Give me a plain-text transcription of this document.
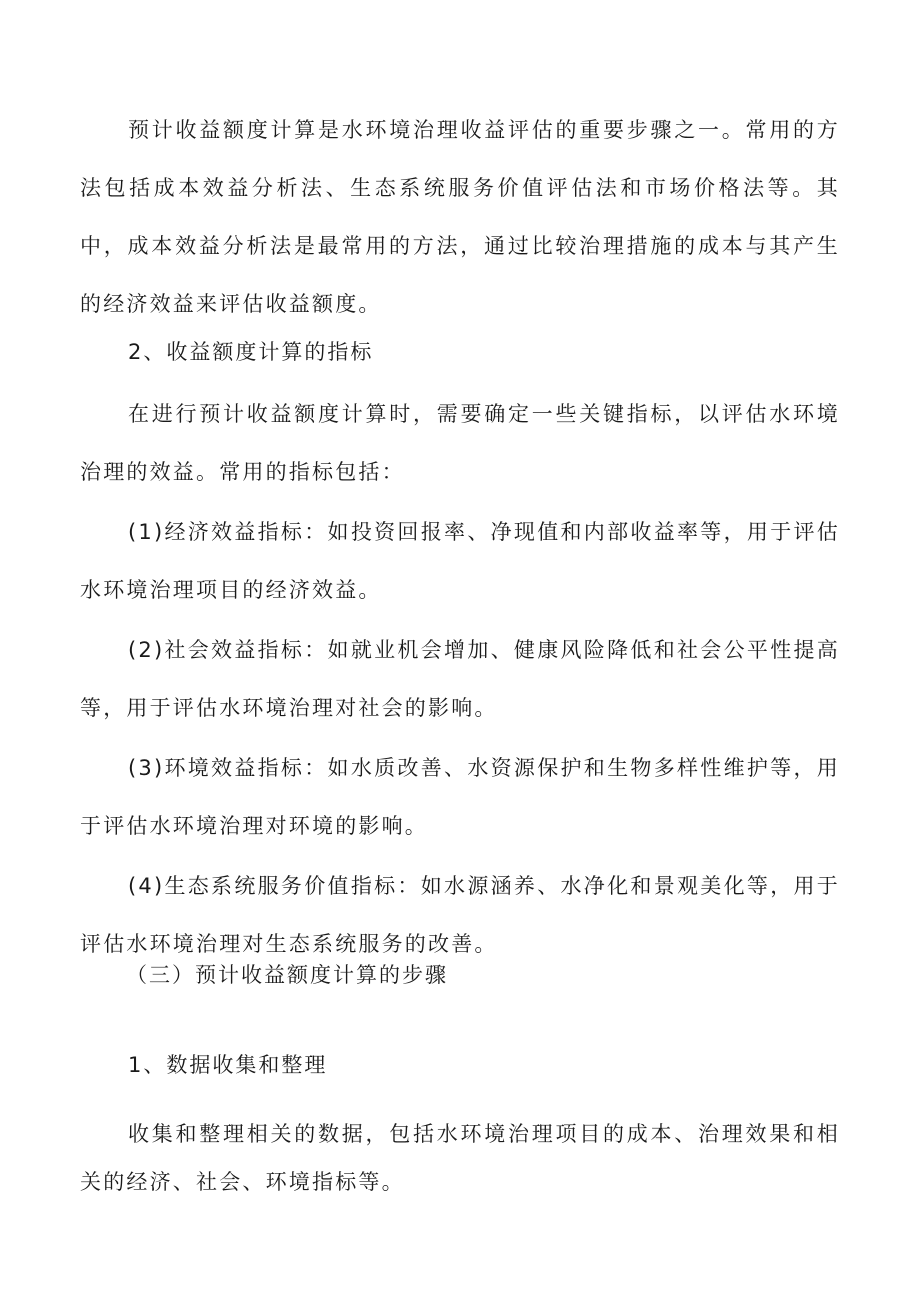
预计收益额度计算是水环境治理收益评估的重要步骤之一。常用的方法包括成本效益分析法、生态系统服务价值评估法和市场价格法等。其中，成本效益分析法是最常用的方法，通过比较治理措施的成本与其产生的经济效益来评估收益额度。

2、收益额度计算的指标

在进行预计收益额度计算时，需要确定一些关键指标，以评估水环境治理的效益。常用的指标包括：

(1)经济效益指标：如投资回报率、净现值和内部收益率等，用于评估水环境治理项目的经济效益。

(2)社会效益指标：如就业机会增加、健康风险降低和社会公平性提高等，用于评估水环境治理对社会的影响。

(3)环境效益指标：如水质改善、水资源保护和生物多样性维护等，用于评估水环境治理对环境的影响。

(4)生态系统服务价值指标：如水源涵养、水净化和景观美化等，用于评估水环境治理对生态系统服务的改善。

（三）预计收益额度计算的步骤

1、数据收集和整理

收集和整理相关的数据，包括水环境治理项目的成本、治理效果和相关的经济、社会、环境指标等。
